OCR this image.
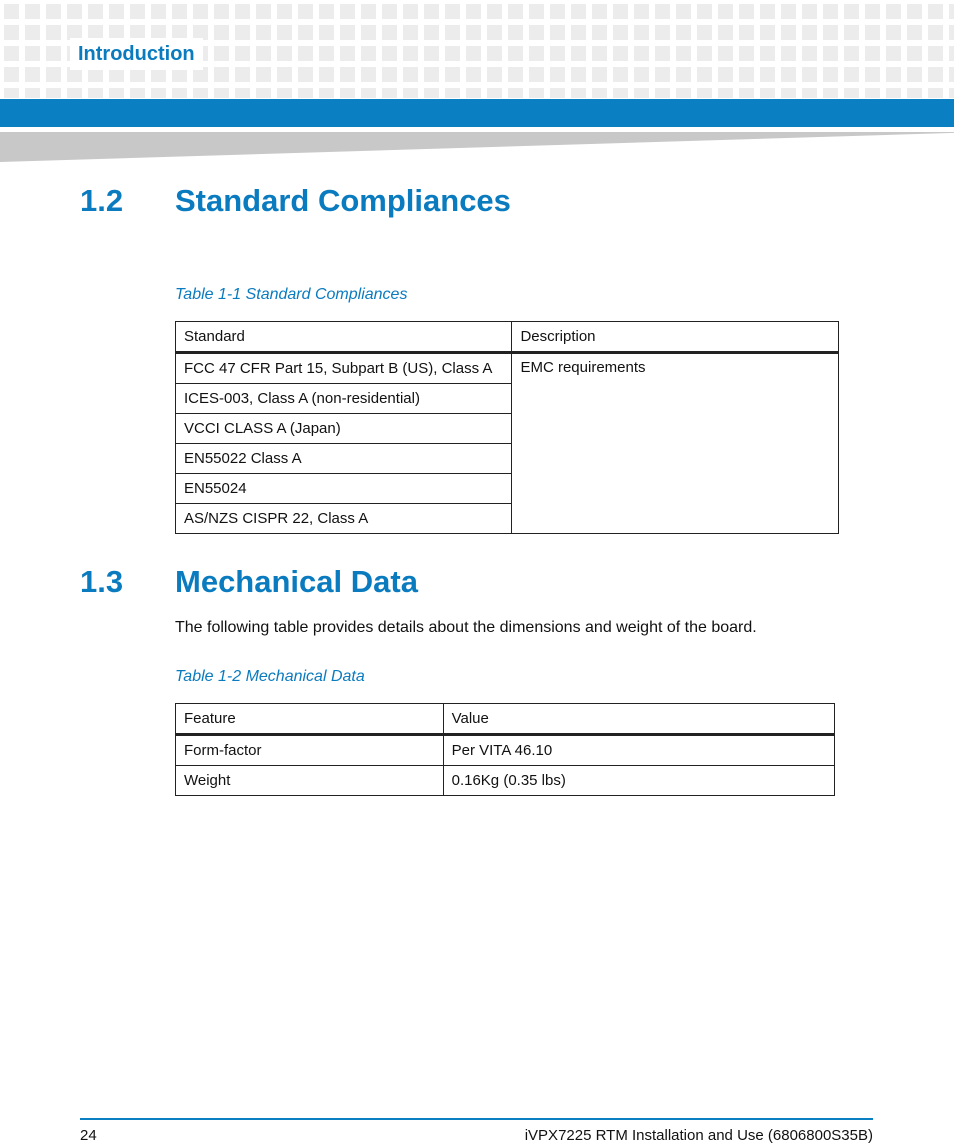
Introduction
1.2 Standard Compliances

Table 1-1 Standard Compliances

Standard	Description
FCC 47 CFR Part 15, Subpart B (US), Class A	EMC requirements
ICES-003, Class A (non-residential)	
VCCI CLASS A (Japan)	
EN55022 Class A	
EN55024	
AS/NZS CISPR 22, Class A	
1.3 Mechanical Data

The following table provides details about the dimensions and weight of the board.

Table 1-2 Mechanical Data

Feature	Value
Form-factor	Per VITA 46.10
Weight	0.16Kg (0.35 lbs)
24	iVPX7225 RTM Installation and Use (6806800S35B)
